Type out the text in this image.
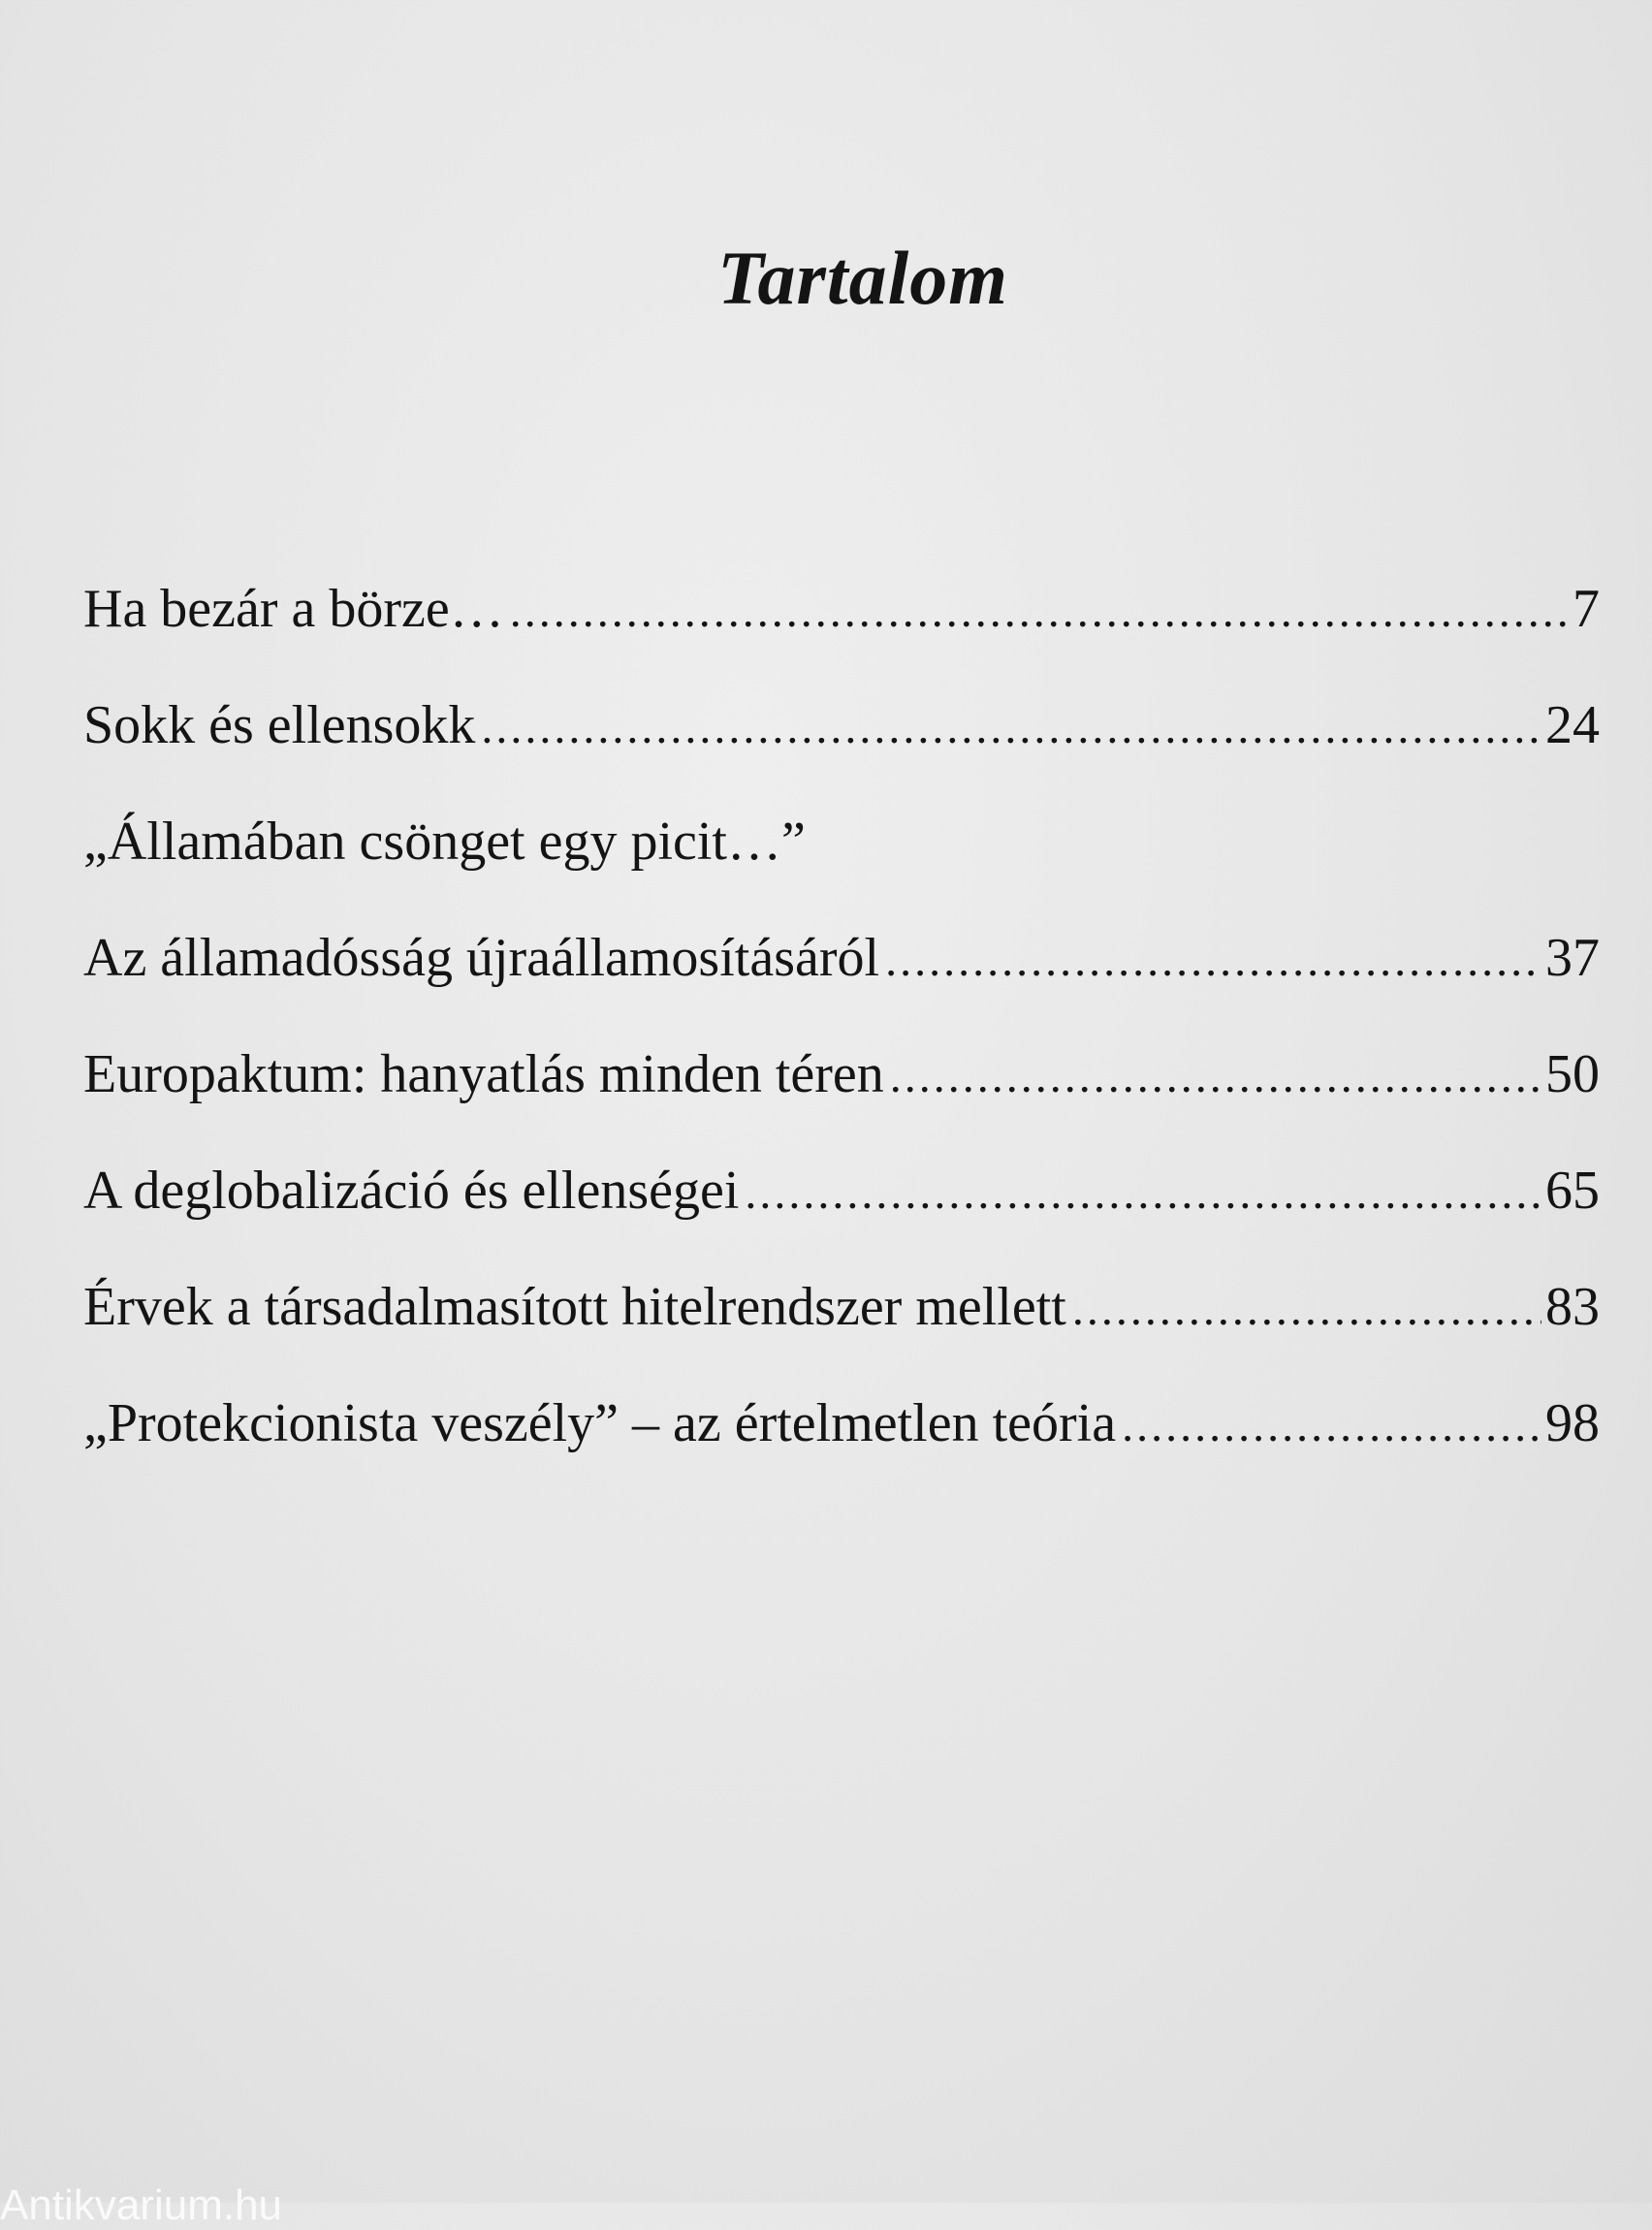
Tartalom
Ha bezár a börze… .....	7
Sokk és ellensokk .....	24
„Államában csönget egy picit…”
Az államadósság újraállamosításáról .....	37
Europaktum: hanyatlás minden téren .....	50
A deglobalizáció és ellenségei .....	65
Érvek a társadalmasított hitelrendszer mellett .....	83
„Protekcionista veszély” – az értelmetlen teória .....	98
Antikvarium.hu
